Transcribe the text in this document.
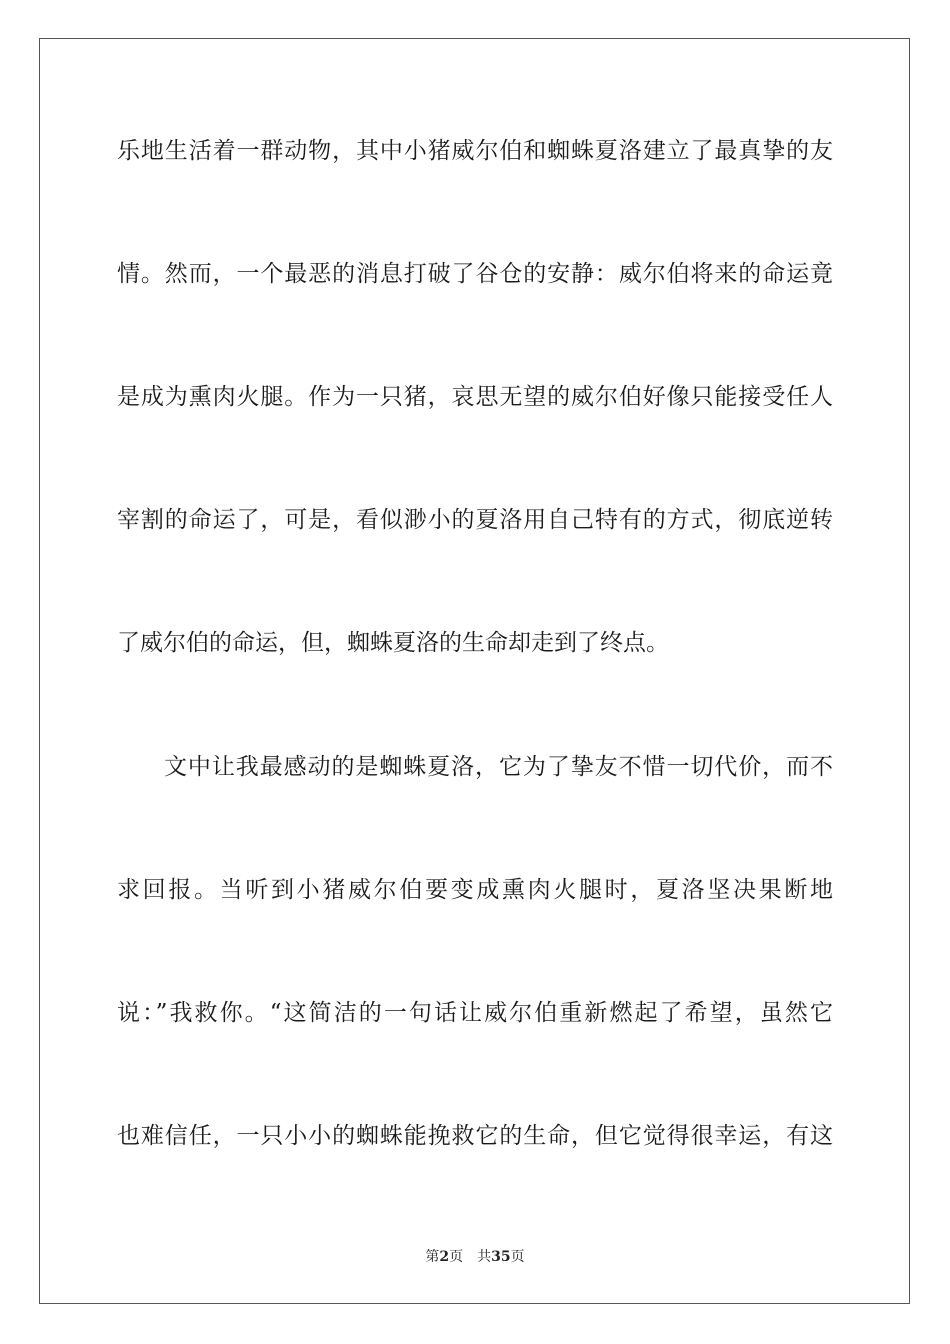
乐地生活着一群动物，其中小猪威尔伯和蜘蛛夏洛建立了最真挚的友
情。然而，一个最恶的消息打破了谷仓的安静：威尔伯将来的命运竟
是成为熏肉火腿。作为一只猪，哀思无望的威尔伯好像只能接受任人
宰割的命运了，可是，看似渺小的夏洛用自己特有的方式，彻底逆转
了威尔伯的命运，但，蜘蛛夏洛的生命却走到了终点。
文中让我最感动的是蜘蛛夏洛，它为了挚友不惜一切代价，而不
求回报。当听到小猪威尔伯要变成熏肉火腿时，夏洛坚决果断地
说：”我救你。“这简洁的一句话让威尔伯重新燃起了希望，虽然它
也难信任，一只小小的蜘蛛能挽救它的生命，但它觉得很幸运，有这
第2页 共35页
